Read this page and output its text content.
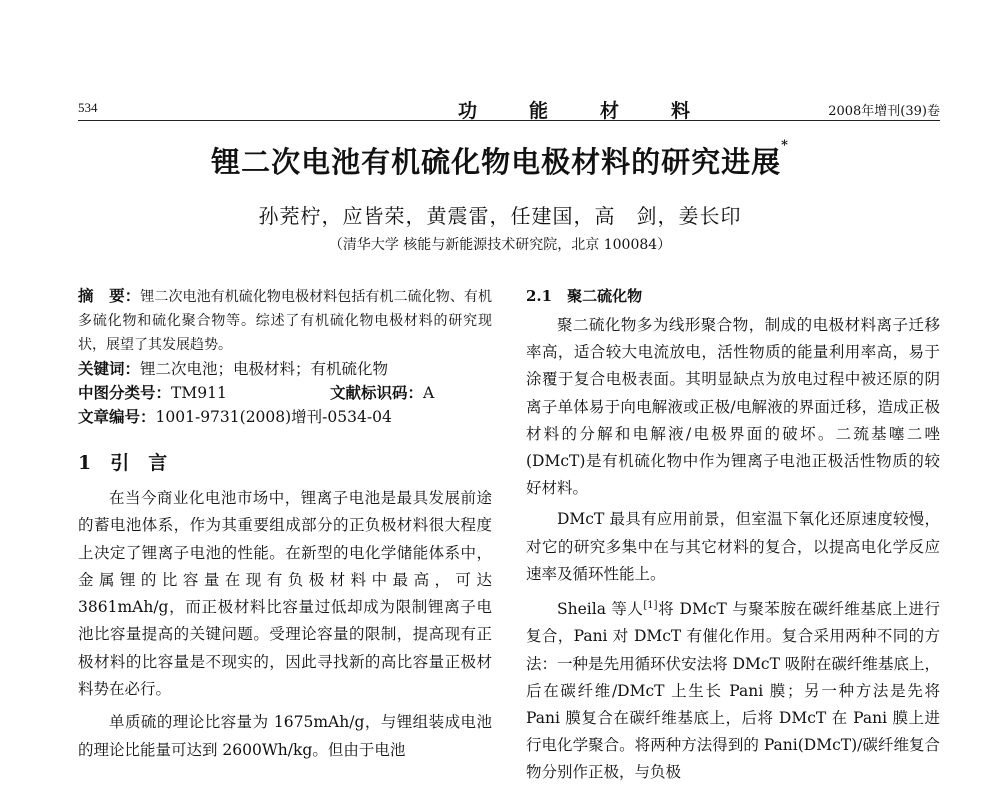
534	功能材料	2008年增刊(39)卷
锂二次电池有机硫化物电极材料的研究进展*
孙茺柠，应皆荣，黄震雷，任建国，高　剑，姜长印
（清华大学 核能与新能源技术研究院，北京 100084）

摘　要：锂二次电池有机硫化物电极材料包括有机二硫化物、有机多硫化物和硫化聚合物等。综述了有机硫化物电极材料的研究现状，展望了其发展趋势。

关键词：锂二次电池；电极材料；有机硫化物
中图分类号：TM911	文献标识码：A
文章编号：1001-9731(2008)增刊-0534-04
1　引　言

在当今商业化电池市场中，锂离子电池是最具发展前途的蓄电池体系，作为其重要组成部分的正负极材料很大程度上决定了锂离子电池的性能。在新型的电化学储能体系中，金属锂的比容量在现有负极材料中最高，可达 3861mAh/g，而正极材料比容量过低却成为限制锂离子电池比容量提高的关键问题。受理论容量的限制，提高现有正极材料的比容量是不现实的，因此寻找新的高比容量正极材料势在必行。

单质硫的理论比容量为 1675mAh/g，与锂组装成电池的理论比能量可达到 2600Wh/kg。但由于电池

2.1　聚二硫化物

聚二硫化物多为线形聚合物，制成的电极材料离子迁移率高，适合较大电流放电，活性物质的能量利用率高，易于涂覆于复合电极表面。其明显缺点为放电过程中被还原的阴离子单体易于向电解液或正极/电解液的界面迁移，造成正极材料的分解和电解液/电极界面的破坏。二巯基噻二唑(DMcT)是有机硫化物中作为锂离子电池正极活性物质的较好材料。

DMcT 最具有应用前景，但室温下氧化还原速度较慢，对它的研究多集中在与其它材料的复合，以提高电化学反应速率及循环性能上。

Sheila 等人[1]将 DMcT 与聚苯胺在碳纤维基底上进行复合，Pani 对 DMcT 有催化作用。复合采用两种不同的方法：一种是先用循环伏安法将 DMcT 吸附在碳纤维基底上，后在碳纤维/DMcT 上生长 Pani 膜；另一种方法是先将 Pani 膜复合在碳纤维基底上，后将 DMcT 在 Pani 膜上进行电化学聚合。将两种方法得到的 Pani(DMcT)/碳纤维复合物分别作正极，与负极
